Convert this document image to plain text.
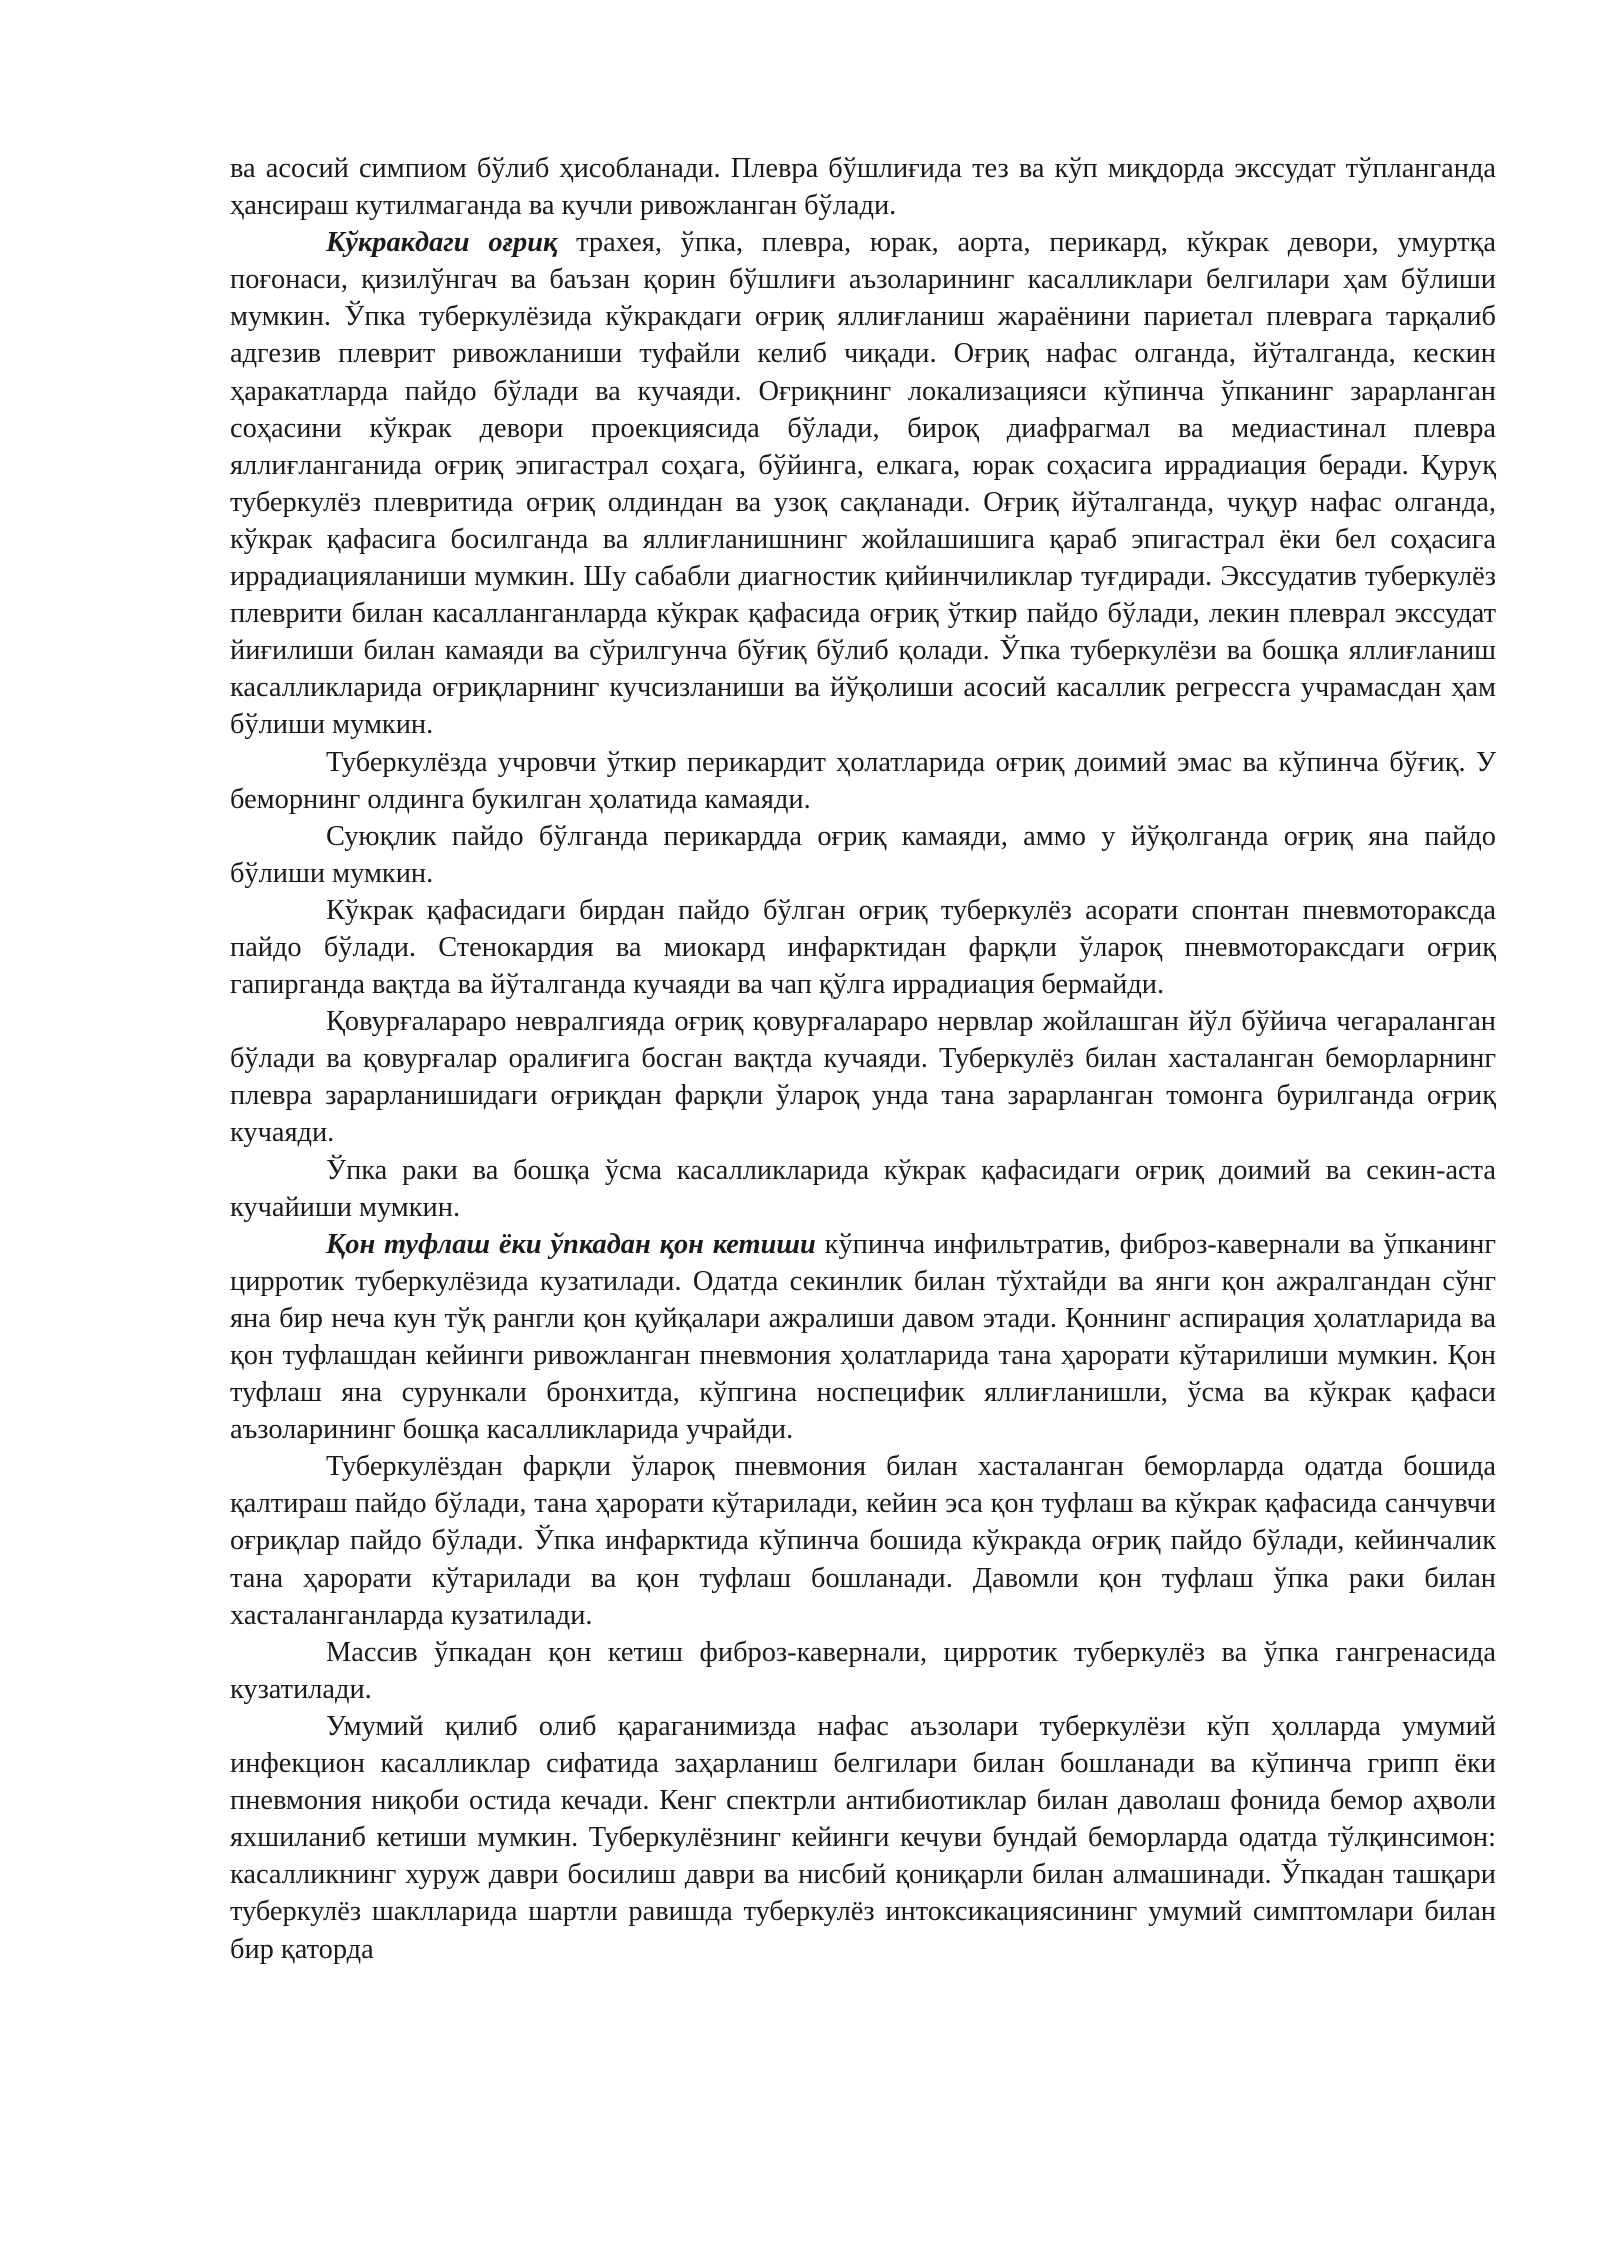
ва асосий симпиом бўлиб ҳисобланади. Плевра бўшлиғида тез ва кўп миқдорда экссудат тўпланганда ҳансираш кутилмаганда ва кучли ривожланган бўлади.

Кўкракдаги оғриқ трахея, ўпка, плевра, юрак, аорта, перикард, кўкрак девори, умуртқа поғонаси, қизилўнгач ва баъзан қорин бўшлиғи аъзоларининг касалликлари белгилари ҳам бўлиши мумкин. Ўпка туберкулёзида кўкракдаги оғриқ яллиғланиш жараёнини париетал плеврага тарқалиб адгезив плеврит ривожланиши туфайли келиб чиқади. Оғриқ нафас олганда, йўталганда, кескин ҳаракатларда пайдо бўлади ва кучаяди. Оғриқнинг локализацияси кўпинча ўпканинг зарарланган соҳасини кўкрак девори проекциясида бўлади, бироқ диафрагмал ва медиастинал плевра яллиғланганида оғриқ эпигастрал соҳага, бўйинга, елкага, юрак соҳасига иррадиация беради. Қуруқ туберкулёз плевритида оғриқ олдиндан ва узоқ сақланади. Оғриқ йўталганда, чуқур нафас олганда, кўкрак қафасига босилганда ва яллиғланишнинг жойлашишига қараб эпигастрал ёки бел соҳасига иррадиацияланиши мумкин. Шу сабабли диагностик қийинчиликлар туғдиради. Экссудатив туберкулёз плеврити билан касалланганларда кўкрак қафасида оғриқ ўткир пайдо бўлади, лекин плеврал экссудат йиғилиши билан камаяди ва сўрилгунча бўғиқ бўлиб қолади. Ўпка туберкулёзи ва бошқа яллиғланиш касалликларида оғриқларнинг кучсизланиши ва йўқолиши асосий касаллик регрессга учрамасдан ҳам бўлиши мумкин.

Туберкулёзда учровчи ўткир перикардит ҳолатларида оғриқ доимий эмас ва кўпинча бўғиқ. У беморнинг олдинга букилган ҳолатида камаяди.

Суюқлик пайдо бўлганда перикардда оғриқ камаяди, аммо у йўқолганда оғриқ яна пайдо бўлиши мумкин.

Кўкрак қафасидаги бирдан пайдо бўлган оғриқ туберкулёз асорати спонтан пневмотораксда пайдо бўлади. Стенокардия ва миокард инфарктидан фарқли ўлароқ пневмотораксдаги оғриқ гапирганда вақтда ва йўталганда кучаяди ва чап қўлга иррадиация бермайди.

Қовурғалараро невралгияда оғриқ қовурғалараро нервлар жойлашган йўл бўйича чегараланган бўлади ва қовурғалар оралиғига босган вақтда кучаяди. Туберкулёз билан хасталанган беморларнинг плевра зарарланишидаги оғриқдан фарқли ўлароқ унда тана зарарланган томонга бурилганда оғриқ кучаяди.

Ўпка раки ва бошқа ўсма касалликларида кўкрак қафасидаги оғриқ доимий ва секин-аста кучайиши мумкин.

Қон туфлаш ёки ўпкадан қон кетиши кўпинча инфильтратив, фиброз-кавернали ва ўпканинг цирротик туберкулёзида кузатилади. Одатда секинлик билан тўхтайди ва янги қон ажралгандан сўнг яна бир неча кун тўқ рангли қон қуйқалари ажралиши давом этади. Қоннинг аспирация ҳолатларида ва қон туфлашдан кейинги ривожланган пневмония ҳолатларида тана ҳарорати кўтарилиши мумкин. Қон туфлаш яна сурункали бронхитда, кўпгина носпецифик яллиғланишли, ўсма ва кўкрак қафаси аъзоларининг бошқа касалликларида учрайди.

Туберкулёздан фарқли ўлароқ пневмония билан хасталанган беморларда одатда бошида қалтираш пайдо бўлади, тана ҳарорати кўтарилади, кейин эса қон туфлаш ва кўкрак қафасида санчувчи оғриқлар пайдо бўлади. Ўпка инфарктида кўпинча бошида кўкракда оғриқ пайдо бўлади, кейинчалик тана ҳарорати кўтарилади ва қон туфлаш бошланади. Давомли қон туфлаш ўпка раки билан хасталанганларда кузатилади.

Массив ўпкадан қон кетиш фиброз-кавернали, цирротик туберкулёз ва ўпка гангренасида кузатилади.

Умумий қилиб олиб қараганимизда нафас аъзолари туберкулёзи кўп ҳолларда умумий инфекцион касалликлар сифатида заҳарланиш белгилари билан бошланади ва кўпинча грипп ёки пневмония ниқоби остида кечади. Кенг спектрли антибиотиклар билан даволаш фонида бемор аҳволи яхшиланиб кетиши мумкин. Туберкулёзнинг кейинги кечуви бундай беморларда одатда тўлқинсимон: касалликнинг хуруж даври босилиш даври ва нисбий қониқарли билан алмашинади. Ўпкадан ташқари туберкулёз шаклларида шартли равишда туберкулёз интоксикациясининг умумий симптомлари билан бир қаторда
